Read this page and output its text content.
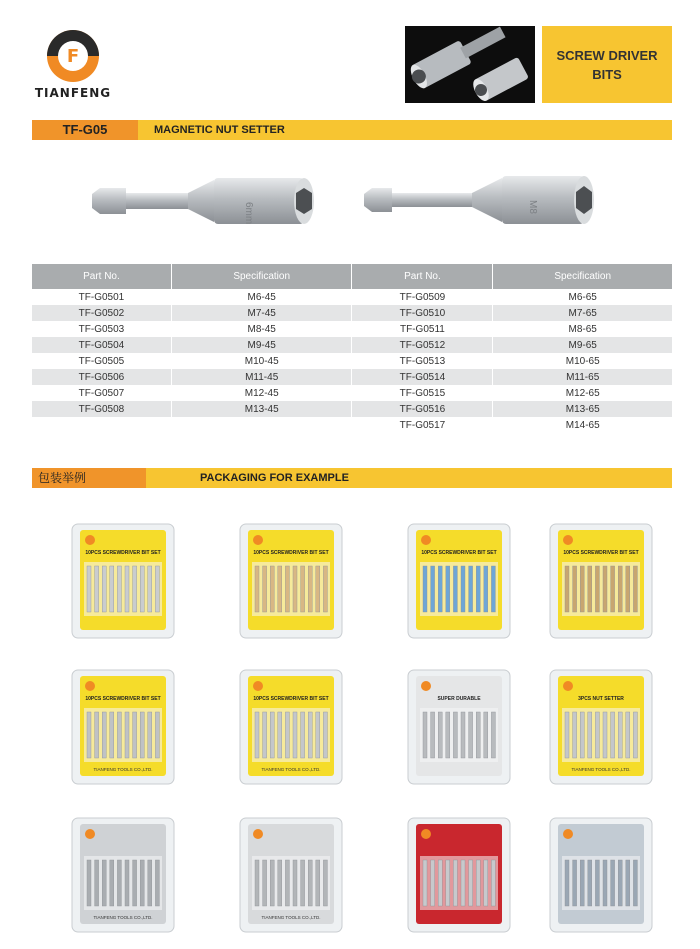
F
TIANFENG
SCREW DRIVER
BITS
TF-G05	MAGNETIC NUT SETTER
6mm	M8
Part No.	Specification	Part No.	Specification
TF-G0501	M6-45	TF-G0509	M6-65
TF-G0502	M7-45	TF-G0510	M7-65
TF-G0503	M8-45	TF-G0511	M8-65
TF-G0504	M9-45	TF-G0512	M9-65
TF-G0505	M10-45	TF-G0513	M10-65
TF-G0506	M11-45	TF-G0514	M11-65
TF-G0507	M12-45	TF-G0515	M12-65
TF-G0508	M13-45	TF-G0516	M13-65
		TF-G0517	M14-65
包装举例	PACKAGING FOR EXAMPLE
10PCS SCREWDRIVER BIT SET	10PCS SCREWDRIVER BIT SET	10PCS SCREWDRIVER BIT SET	10PCS SCREWDRIVER BIT SET
10PCS SCREWDRIVER BIT SET
TIANFENG TOOLS CO.,LTD.
10PCS SCREWDRIVER BIT SET
TIANFENG TOOLS CO.,LTD.
SUPER DURABLE	3PCS NUT SETTER
TIANFENG TOOLS CO.,LTD.
TIANFENG TOOLS CO.,LTD.	TIANFENG TOOLS CO.,LTD.
